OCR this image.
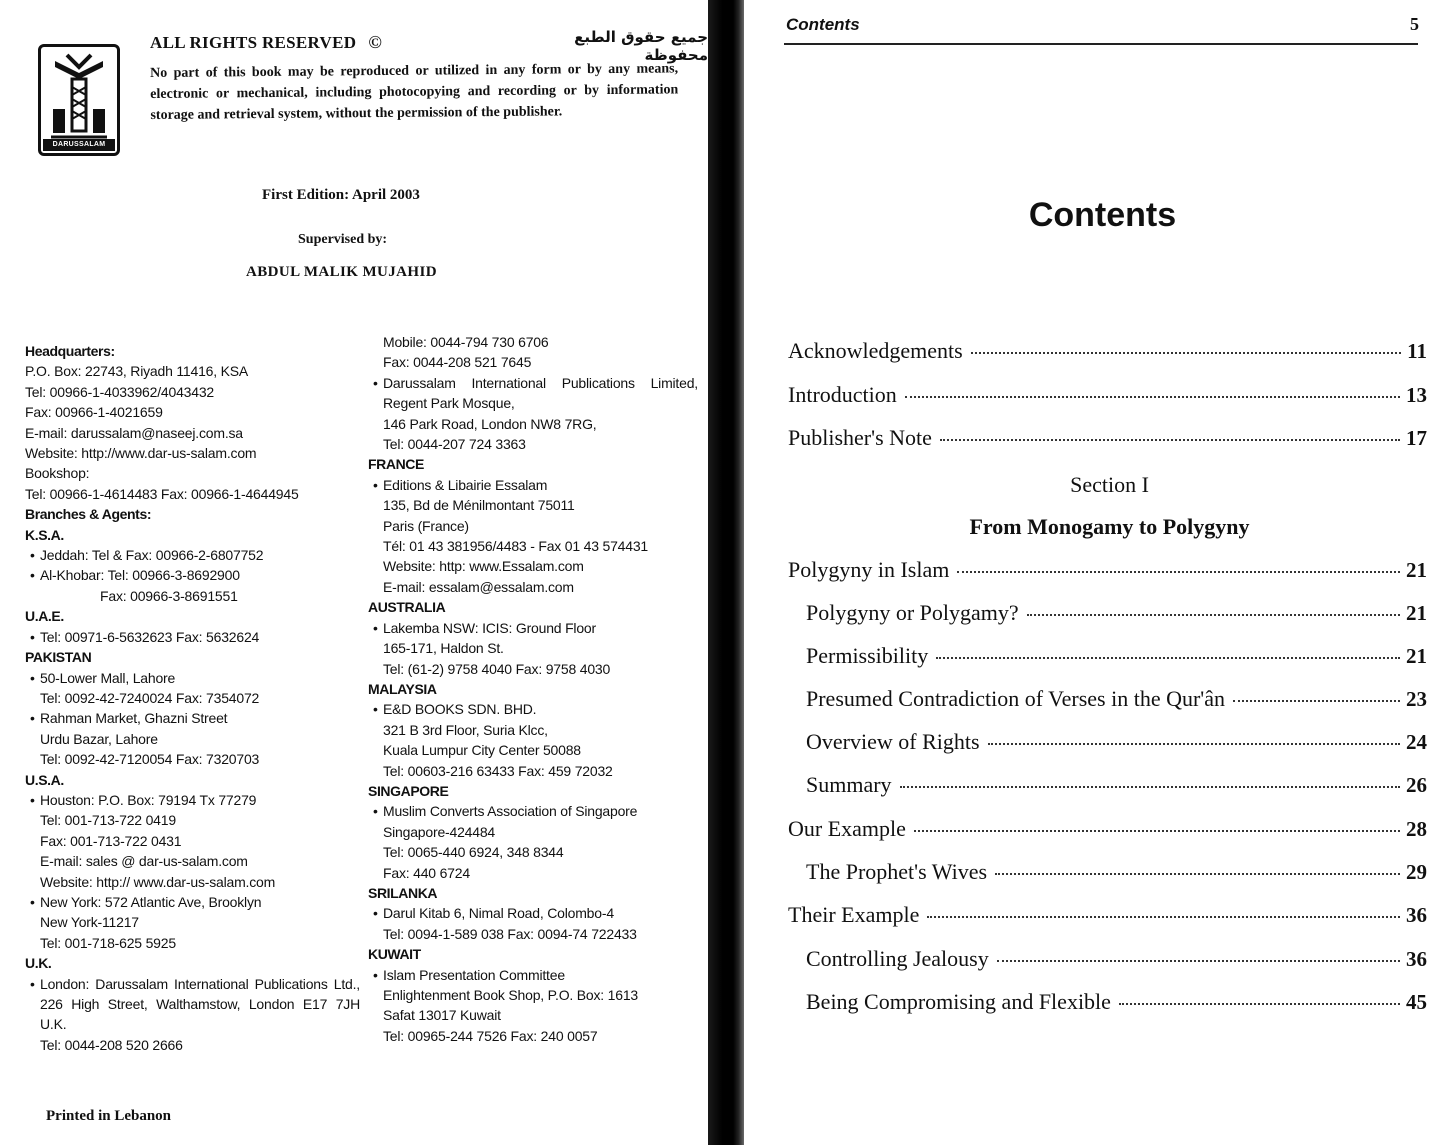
DARUSSALAM
ALL RIGHTS RESERVED ©	جميع حقوق الطبع محفوظة
No part of this book may be reproduced or utilized in any form or by any means, electronic or mechanical, including photocopying and recording or by information storage and retrieval system, without the permission of the publisher.
First Edition: April 2003
Supervised by:
ABDUL MALIK MUJAHID
Headquarters:
P.O. Box: 22743, Riyadh 11416, KSA
Tel: 00966-1-4033962/4043432
Fax: 00966-1-4021659
E-mail: darussalam@naseej.com.sa
Website: http://www.dar-us-salam.com
Bookshop:
Tel: 00966-1-4614483 Fax: 00966-1-4644945
Branches & Agents:
K.S.A.
• Jeddah: Tel & Fax: 00966-2-6807752
• Al-Khobar: Tel: 00966-3-8692900
Fax: 00966-3-8691551
U.A.E.
• Tel: 00971-6-5632623 Fax: 5632624
PAKISTAN
• 50-Lower Mall, Lahore
Tel: 0092-42-7240024 Fax: 7354072
• Rahman Market, Ghazni Street
Urdu Bazar, Lahore
Tel: 0092-42-7120054 Fax: 7320703
U.S.A.
• Houston: P.O. Box: 79194 Tx 77279
Tel: 001-713-722 0419
Fax: 001-713-722 0431
E-mail: sales @ dar-us-salam.com
Website: http:// www.dar-us-salam.com
• New York: 572 Atlantic Ave, Brooklyn
New York-11217
Tel: 001-718-625 5925
U.K.
• London: Darussalam International Publications Ltd., 226 High Street, Walthamstow, London E17 7JH U.K.
Tel: 0044-208 520 2666
Mobile: 0044-794 730 6706
Fax: 0044-208 521 7645
• Darussalam International Publications Limited, Regent Park Mosque,
146 Park Road, London NW8 7RG,
Tel: 0044-207 724 3363
FRANCE
• Editions & Libairie Essalam
135, Bd de Ménilmontant 75011
Paris (France)
Tél: 01 43 381956/4483 - Fax 01 43 574431
Website: http: www.Essalam.com
E-mail: essalam@essalam.com
AUSTRALIA
• Lakemba NSW: ICIS: Ground Floor
165-171, Haldon St.
Tel: (61-2) 9758 4040 Fax: 9758 4030
MALAYSIA
• E&D BOOKS SDN. BHD.
321 B 3rd Floor, Suria Klcc,
Kuala Lumpur City Center 50088
Tel: 00603-216 63433 Fax: 459 72032
SINGAPORE
• Muslim Converts Association of Singapore
Singapore-424484
Tel: 0065-440 6924, 348 8344
Fax: 440 6724
SRILANKA
• Darul Kitab 6, Nimal Road, Colombo-4
Tel: 0094-1-589 038 Fax: 0094-74 722433
KUWAIT
• Islam Presentation Committee
Enlightenment Book Shop, P.O. Box: 1613
Safat 13017 Kuwait
Tel: 00965-244 7526 Fax: 240 0057
Printed in Lebanon
Contents	5
Contents
Section I
From Monogamy to Polygyny
Acknowledgements	11
Introduction	13
Publisher's Note	17
Polygyny in Islam	21
Polygyny or Polygamy?	21
Permissibility	21
Presumed Contradiction of Verses in the Qur'ân	23
Overview of Rights	24
Summary	26
Our Example	28
The Prophet's Wives	29
Their Example	36
Controlling Jealousy	36
Being Compromising and Flexible	45
